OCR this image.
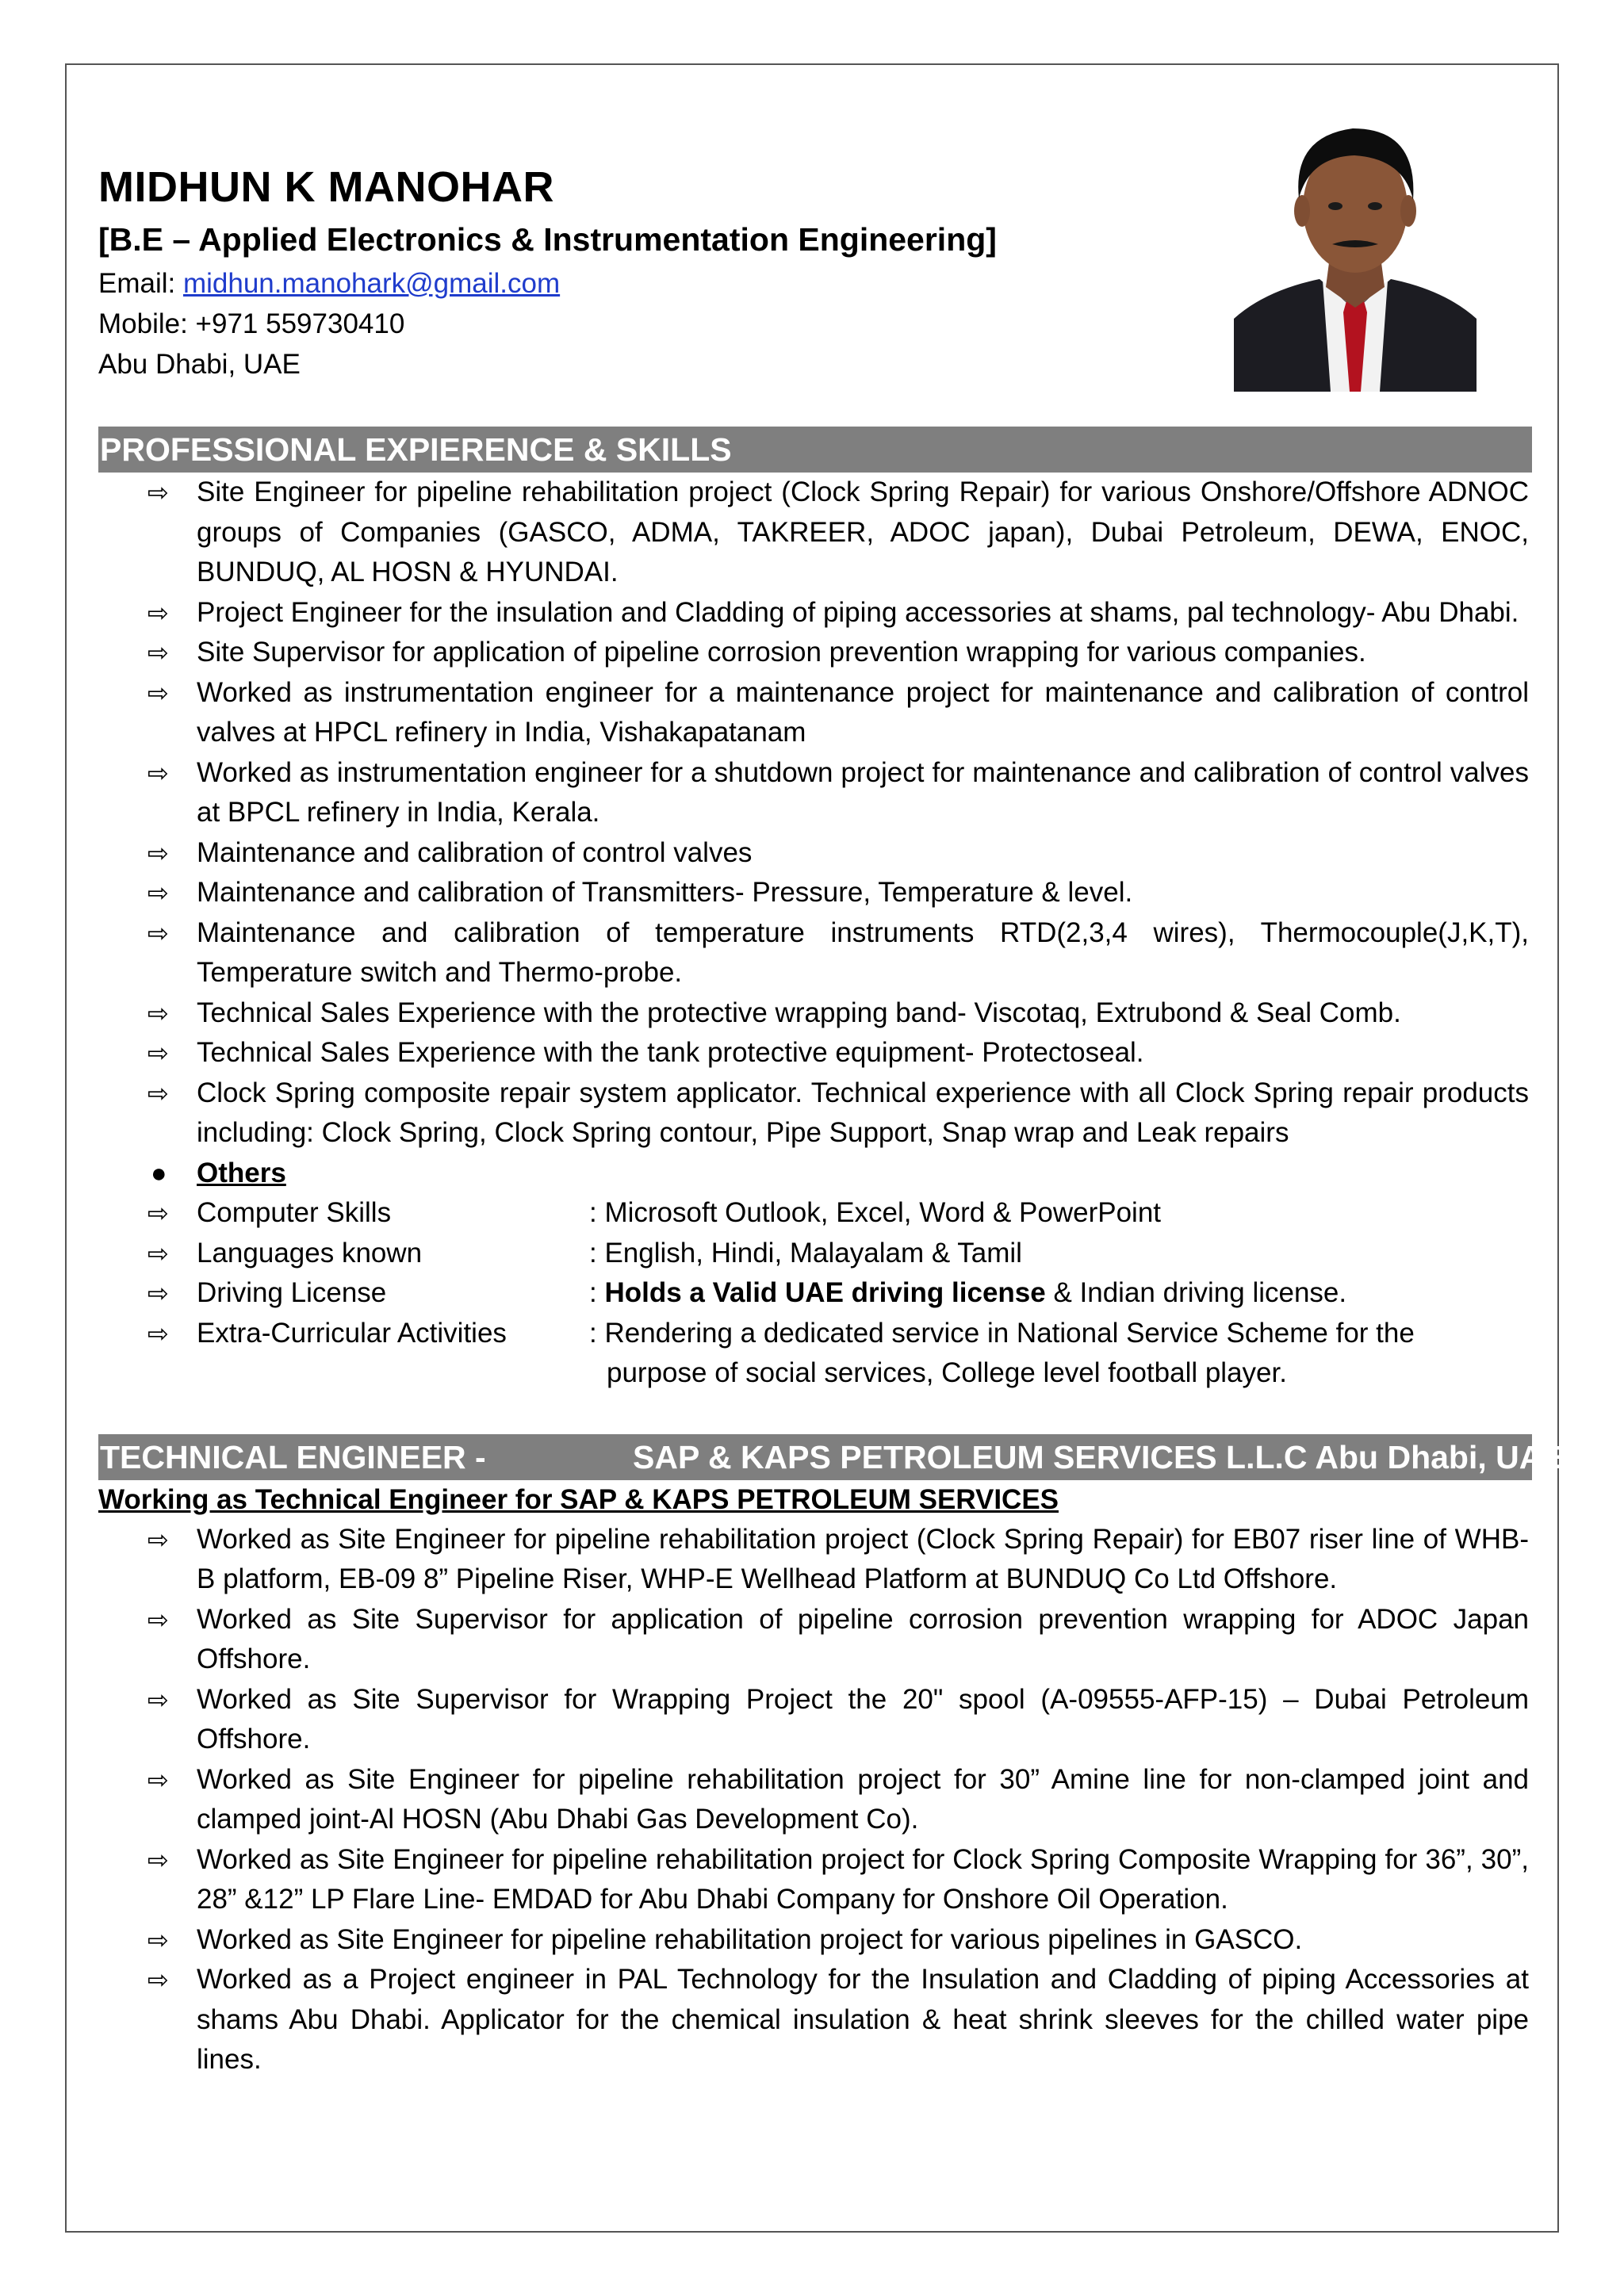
MIDHUN K MANOHAR
[B.E – Applied Electronics & Instrumentation Engineering]
Email: midhun.manohark@gmail.com
Mobile: +971 559730410
Abu Dhabi, UAE
PROFESSIONAL EXPIERENCE & SKILLS
⇨ Site Engineer for pipeline rehabilitation project (Clock Spring Repair) for various Onshore/Offshore ADNOC groups of Companies (GASCO, ADMA, TAKREER, ADOC japan), Dubai Petroleum, DEWA, ENOC, BUNDUQ, AL HOSN & HYUNDAI.
⇨ Project Engineer for the insulation and Cladding of piping accessories at shams, pal technology- Abu Dhabi.
⇨ Site Supervisor for application of pipeline corrosion prevention wrapping for various companies.
⇨ Worked as instrumentation engineer for a maintenance project for maintenance and calibration of control valves at HPCL refinery in India, Vishakapatanam
⇨ Worked as instrumentation engineer for a shutdown project for maintenance and calibration of control valves at BPCL refinery in India, Kerala.
⇨ Maintenance and calibration of control valves
⇨ Maintenance and calibration of Transmitters- Pressure, Temperature & level.
⇨ Maintenance and calibration of temperature instruments RTD(2,3,4 wires), Thermocouple(J,K,T), Temperature switch and Thermo-probe.
⇨ Technical Sales Experience with the protective wrapping band- Viscotaq, Extrubond & Seal Comb.
⇨ Technical Sales Experience with the tank protective equipment- Protectoseal.
⇨ Clock Spring composite repair system applicator. Technical experience with all Clock Spring repair products including: Clock Spring, Clock Spring contour, Pipe Support, Snap wrap and Leak repairs
● Others
⇨ Computer Skills	: Microsoft Outlook, Excel, Word & PowerPoint
⇨ Languages known	: English, Hindi, Malayalam & Tamil
⇨ Driving License	: Holds a Valid UAE driving license & Indian driving license.
⇨ Extra-Curricular Activities	: Rendering a dedicated service in National Service Scheme for the
purpose of social services, College level football player.
TECHNICAL ENGINEER -	SAP & KAPS PETROLEUM SERVICES L.L.C Abu Dhabi, UAE
Working as Technical Engineer for SAP & KAPS PETROLEUM SERVICES
⇨ Worked as Site Engineer for pipeline rehabilitation project (Clock Spring Repair) for EB07 riser line of WHB-B platform, EB-09 8” Pipeline Riser, WHP-E Wellhead Platform at BUNDUQ Co Ltd Offshore.
⇨ Worked as Site Supervisor for application of pipeline corrosion prevention wrapping for ADOC Japan Offshore.
⇨ Worked as Site Supervisor for Wrapping Project the 20" spool (A-09555-AFP-15) – Dubai Petroleum Offshore.
⇨ Worked as Site Engineer for pipeline rehabilitation project for 30” Amine line for non-clamped joint and clamped joint-Al HOSN (Abu Dhabi Gas Development Co).
⇨ Worked as Site Engineer for pipeline rehabilitation project for Clock Spring Composite Wrapping for 36”, 30”, 28” &12” LP Flare Line- EMDAD for Abu Dhabi Company for Onshore Oil Operation.
⇨ Worked as Site Engineer for pipeline rehabilitation project for various pipelines in GASCO.
⇨ Worked as a Project engineer in PAL Technology for the Insulation and Cladding of piping Accessories at shams Abu Dhabi. Applicator for the chemical insulation & heat shrink sleeves for the chilled water pipe lines.
